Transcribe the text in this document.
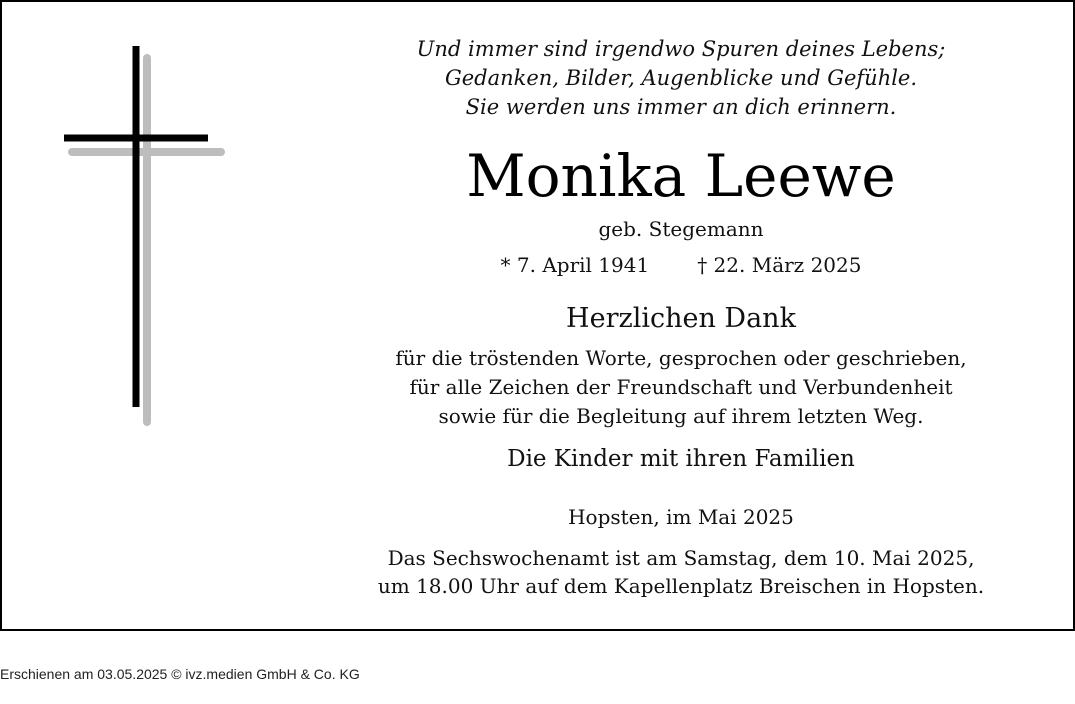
Und immer sind irgendwo Spuren deines Lebens;
Gedanken, Bilder, Augenblicke und Gefühle.
Sie werden uns immer an dich erinnern.
Monika Leewe
geb. Stegemann
* 7. April 1941 † 22. März 2025
Herzlichen Dank
für die tröstenden Worte, gesprochen oder geschrieben,
für alle Zeichen der Freundschaft und Verbundenheit
sowie für die Begleitung auf ihrem letzten Weg.
Die Kinder mit ihren Familien
Hopsten, im Mai 2025
Das Sechswochenamt ist am Samstag, dem 10. Mai 2025,
um 18.00 Uhr auf dem Kapellenplatz Breischen in Hopsten.
Erschienen am 03.05.2025 © ivz.medien GmbH & Co. KG
